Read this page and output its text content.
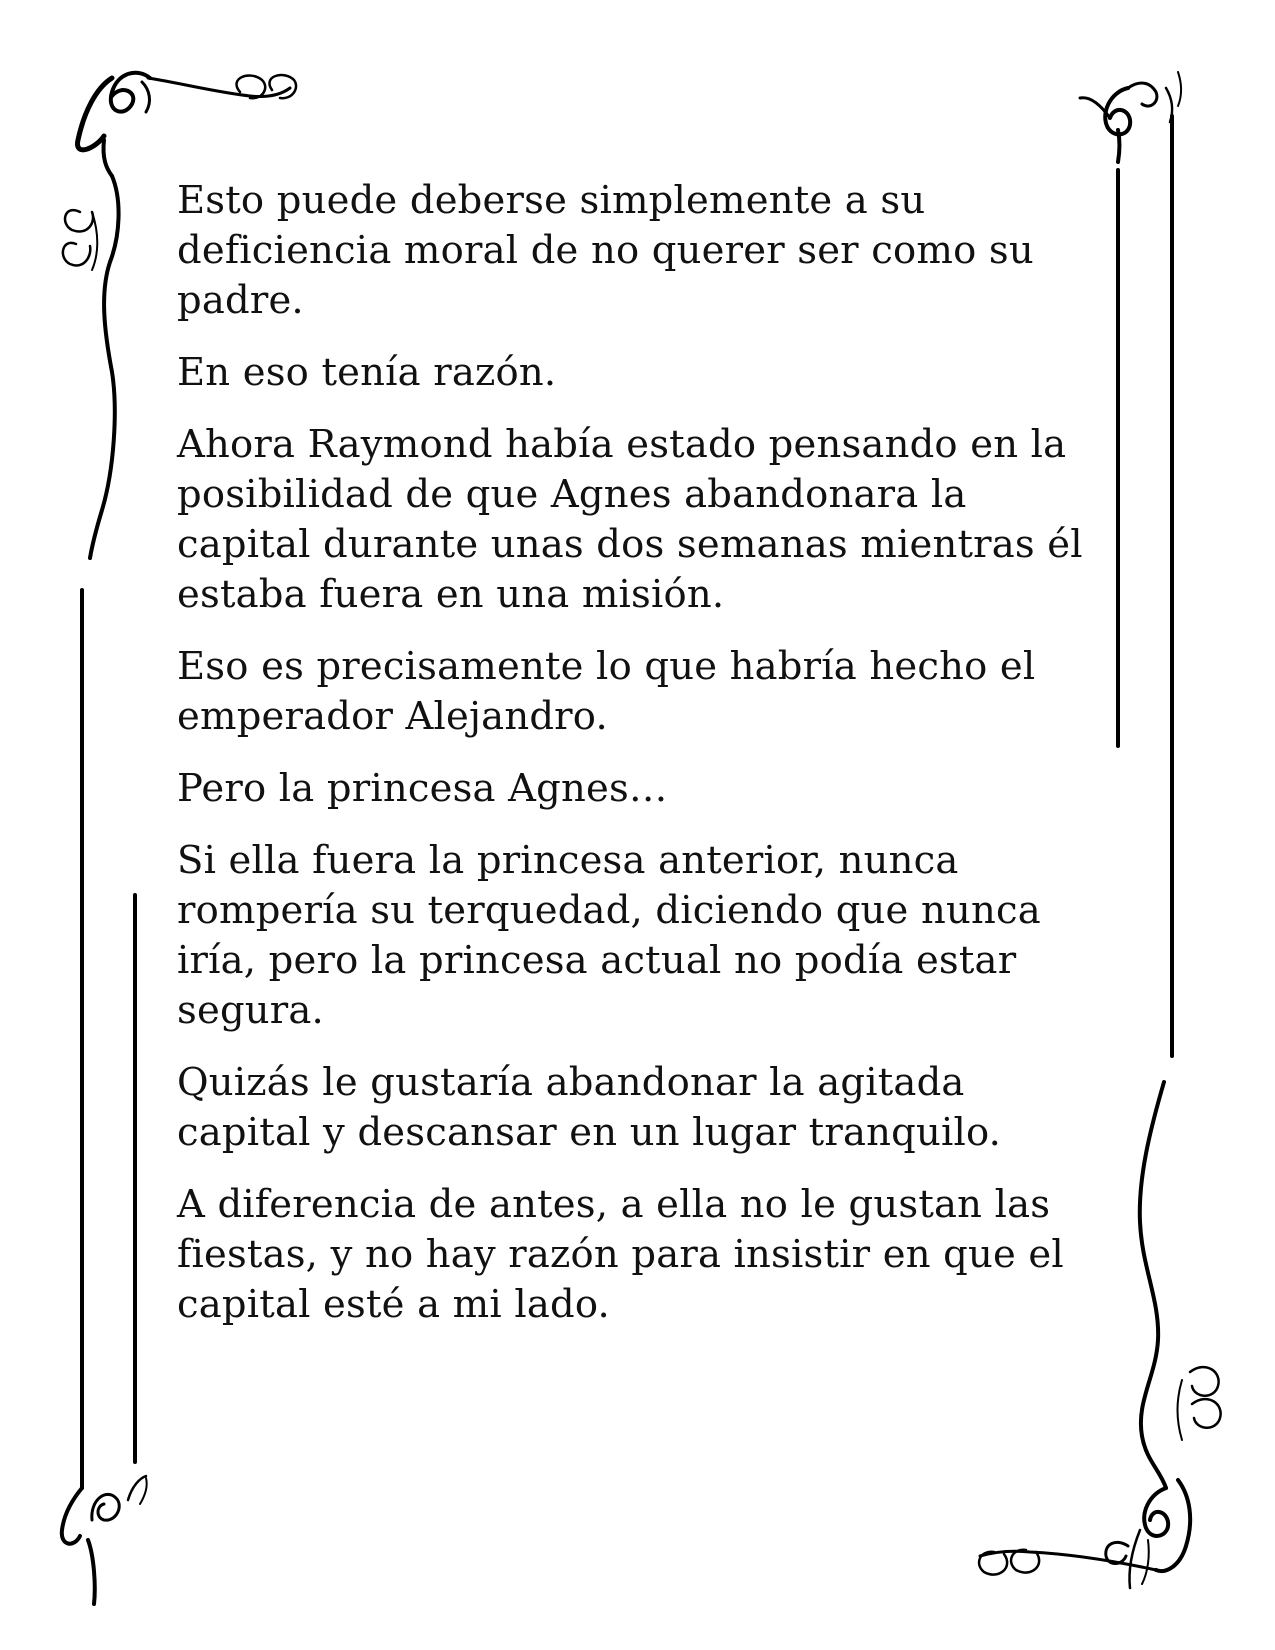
Esto puede deberse simplemente a su deficiencia moral de no querer ser como su padre.

En eso tenía razón.

Ahora Raymond había estado pensando en la posibilidad de que Agnes abandonara la capital durante unas dos semanas mientras él estaba fuera en una misión.

Eso es precisamente lo que habría hecho el emperador Alejandro.

Pero la princesa Agnes…

Si ella fuera la princesa anterior, nunca rompería su terquedad, diciendo que nunca iría, pero la princesa actual no podía estar segura.

Quizás le gustaría abandonar la agitada capital y descansar en un lugar tranquilo.

A diferencia de antes, a ella no le gustan las fiestas, y no hay razón para insistir en que el capital esté a mi lado.
